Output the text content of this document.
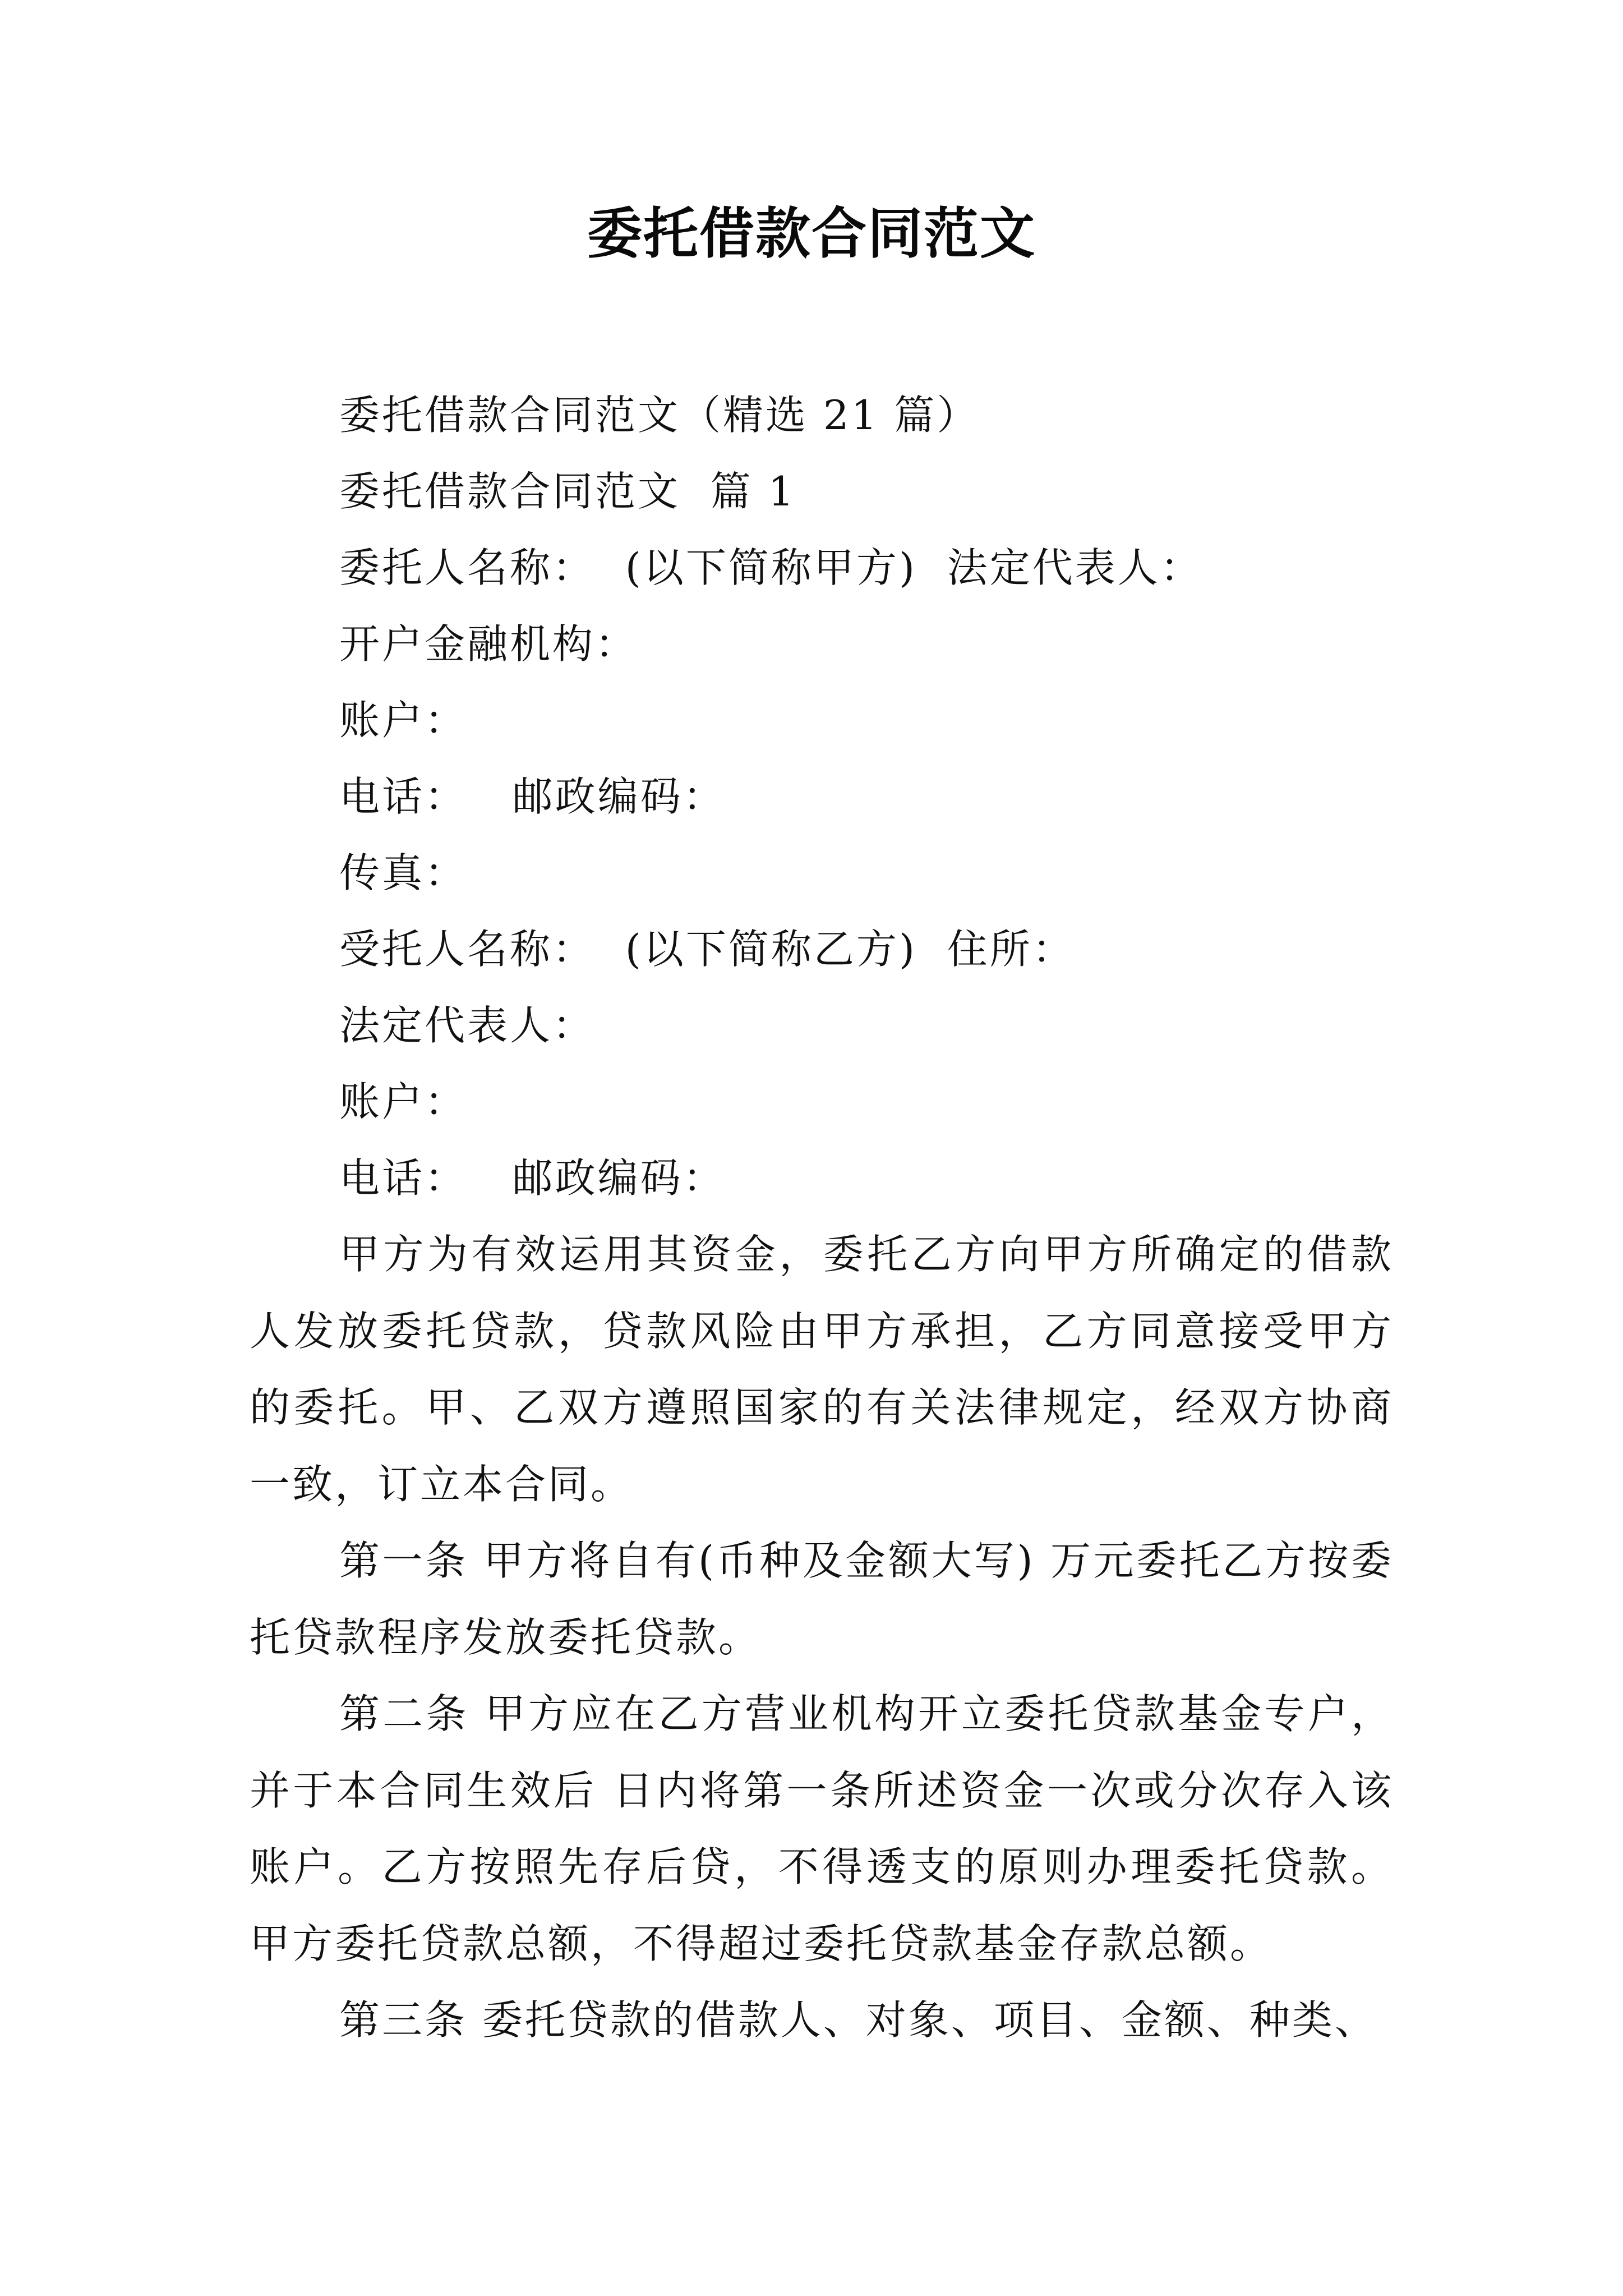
委托借款合同范文
委托借款合同范文（精选 21 篇）
委托借款合同范文  篇 1
委托人名称：  (以下简称甲方)  法定代表人：
开户金融机构：
账户：
电话：   邮政编码：
传真：
受托人名称：  (以下简称乙方)  住所：
法定代表人：
账户：
电话：   邮政编码：
甲方为有效运用其资金，委托乙方向甲方所确定的借款人发放委托贷款，贷款风险由甲方承担，乙方同意接受甲方的委托。甲、乙双方遵照国家的有关法律规定，经双方协商一致，订立本合同。
第一条 甲方将自有(币种及金额大写) 万元委托乙方按委托贷款程序发放委托贷款。
第二条 甲方应在乙方营业机构开立委托贷款基金专户，并于本合同生效后 日内将第一条所述资金一次或分次存入该账户。乙方按照先存后贷，不得透支的原则办理委托贷款。甲方委托贷款总额，不得超过委托贷款基金存款总额。
第三条 委托贷款的借款人、对象、项目、金额、种类、
